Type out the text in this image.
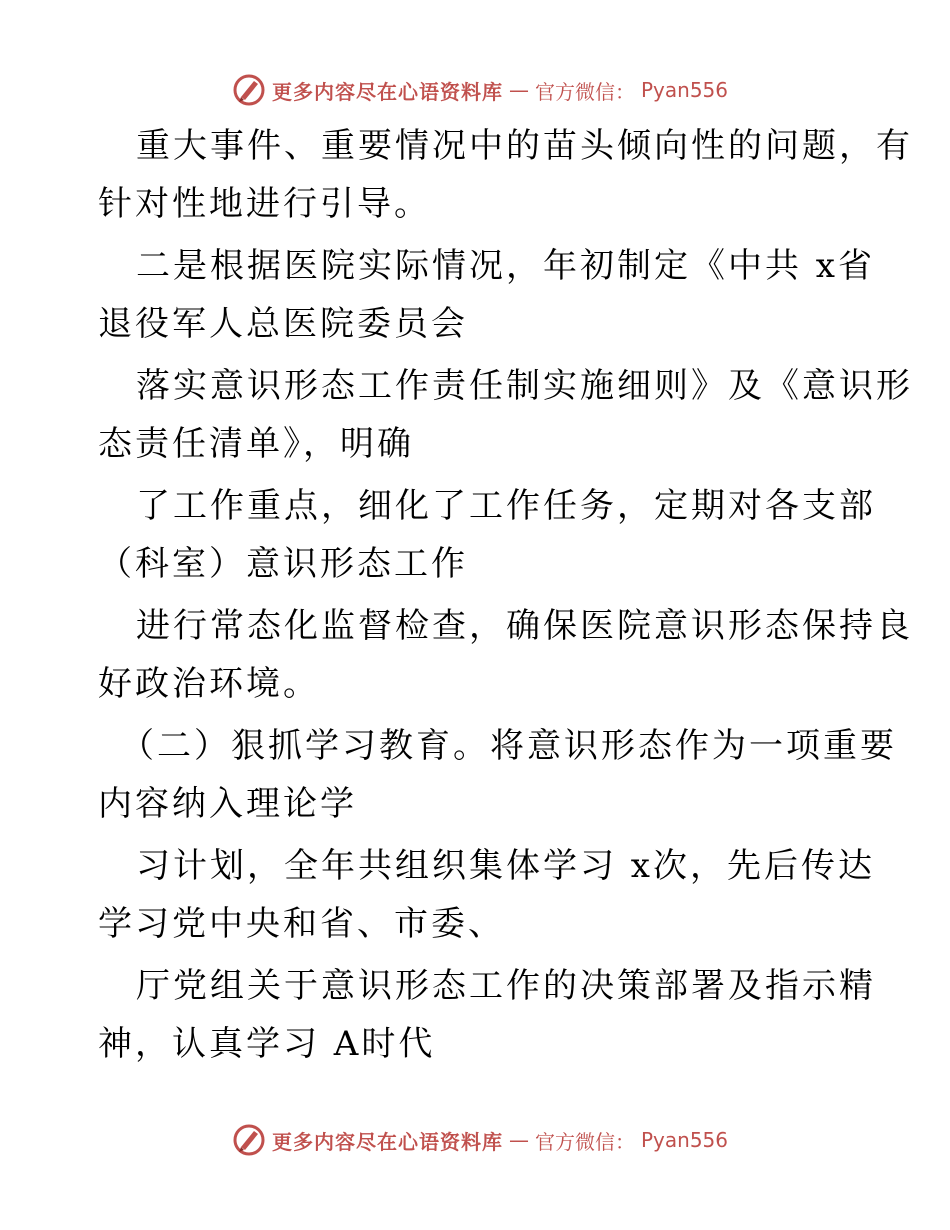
更多内容尽在心语资料库 — 官方微信： Pyan556
重大事件、重要情况中的苗头倾向性的问题，有
针对性地进行引导。
二是根据医院实际情况，年初制定《中共 x省
退役军人总医院委员会
落实意识形态工作责任制实施细则》及《意识形
态责任清单》，明确
了工作重点，细化了工作任务，定期对各支部
（科室）意识形态工作
进行常态化监督检查，确保医院意识形态保持良
好政治环境。
（二）狠抓学习教育。将意识形态作为一项重要
内容纳入理论学
习计划，全年共组织集体学习 x次，先后传达
学习党中央和省、市委、
厅党组关于意识形态工作的决策部署及指示精
神，认真学习 A时代
更多内容尽在心语资料库 — 官方微信： Pyan556
